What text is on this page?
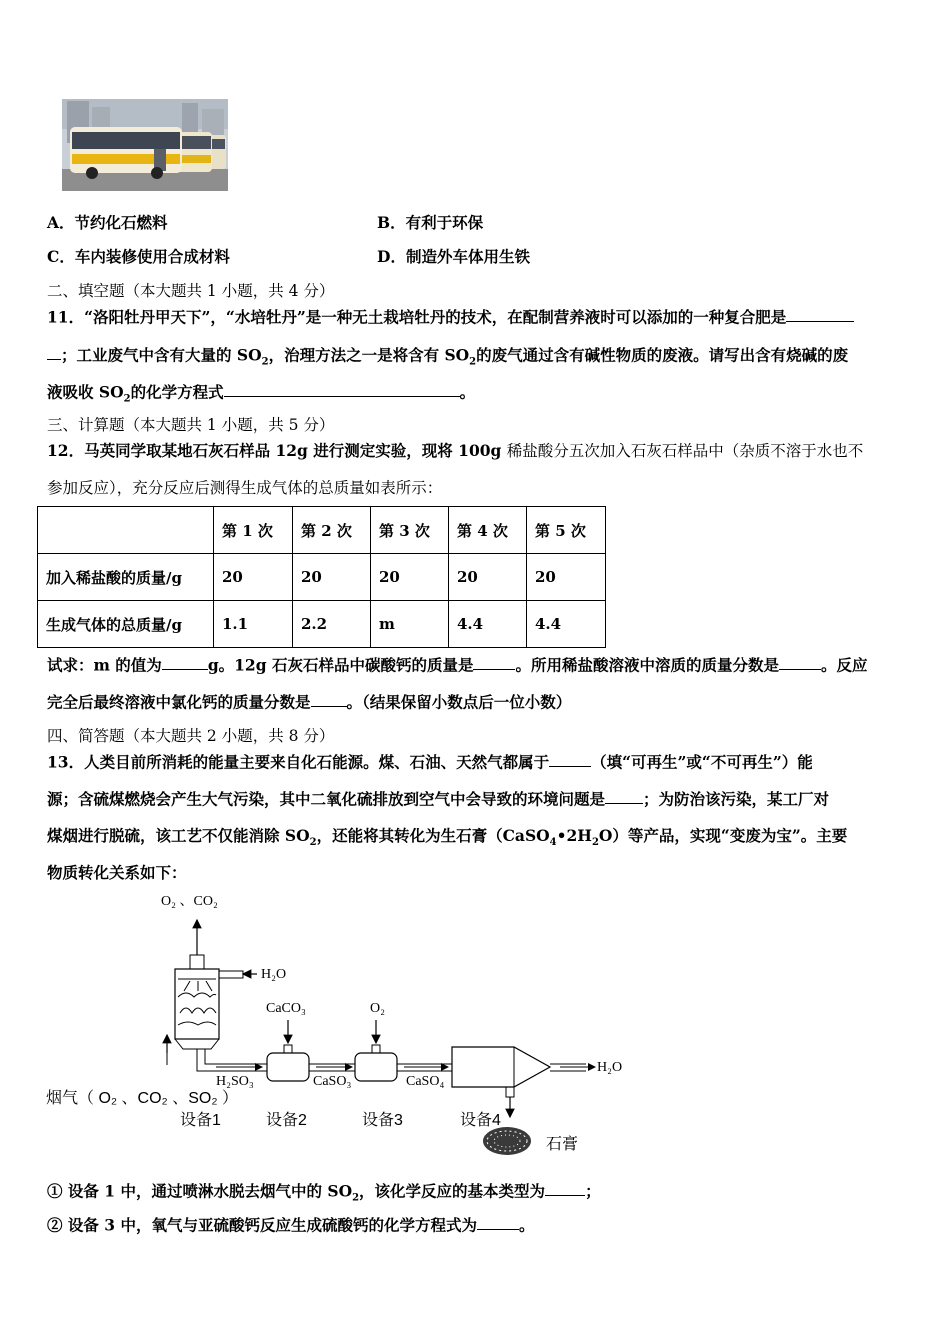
A．节约化石燃料	B．有利于环保
C．车内装修使用合成材料	D．制造外车体用生铁
二、填空题（本大题共 1 小题，共 4 分）
11．“洛阳牡丹甲天下”，“水培牡丹”是一种无土栽培牡丹的技术，在配制营养液时可以添加的一种复合肥是
；工业废气中含有大量的 $SO_2$，治理方法之一是将含有 $SO_2$的废气通过含有碱性物质的废液。请写出含有烧碱的废
液吸收 $SO_2$的化学方程式	。
三、计算题（本大题共 1 小题，共 5 分）
12．马英同学取某地石灰石样品 12g 进行测定实验，现将 100g 稀盐酸分五次加入石灰石样品中（杂质不溶于水也不
参加反应），充分反应后测得生成气体的总质量如表所示：
	第 1 次	第 2 次	第 3 次	第 4 次	第 5 次
加入稀盐酸的质量/g	20	20	20	20	20
生成气体的总质量/g	1.1	2.2	m	4.4	4.4
试求：m 的值为	g。12g 石灰石样品中碳酸钙的质量是	。所用稀盐酸溶液中溶质的质量分数是	。反应
完全后最终溶液中氯化钙的质量分数是 。（结果保留小数点后一位小数）
四、简答题（本大题共 2 小题，共 8 分）
13．人类目前所消耗的能量主要来自化石能源。煤、石油、天然气都属于	（填“可再生”或“不可再生”）能
源；含硫煤燃烧会产生大气污染，其中二氧化硫排放到空气中会导致的环境问题是 ；为防治该污染，某工厂对
煤烟进行脱硫，该工艺不仅能消除 $SO_2$，还能将其转化为生石膏$(CaSO_4•2H_2O)$等产品，实现“变废为宝”。主要
物质转化关系如下：
O₂ 、CO₂
H₂O
H₂SO₃
CaCO₃
CaSO₃
O₂
CaSO₄
H₂O
石膏
烟气（ O₂ 、CO₂ 、SO₂ ）
设备1	设备2	设备3	设备4
① 设备 1 中，通过喷淋水脱去烟气中的 $SO_2$，该化学反应的基本类型为	；
② 设备 3 中，氧气与亚硫酸钙反应生成硫酸钙的化学方程式为	。
